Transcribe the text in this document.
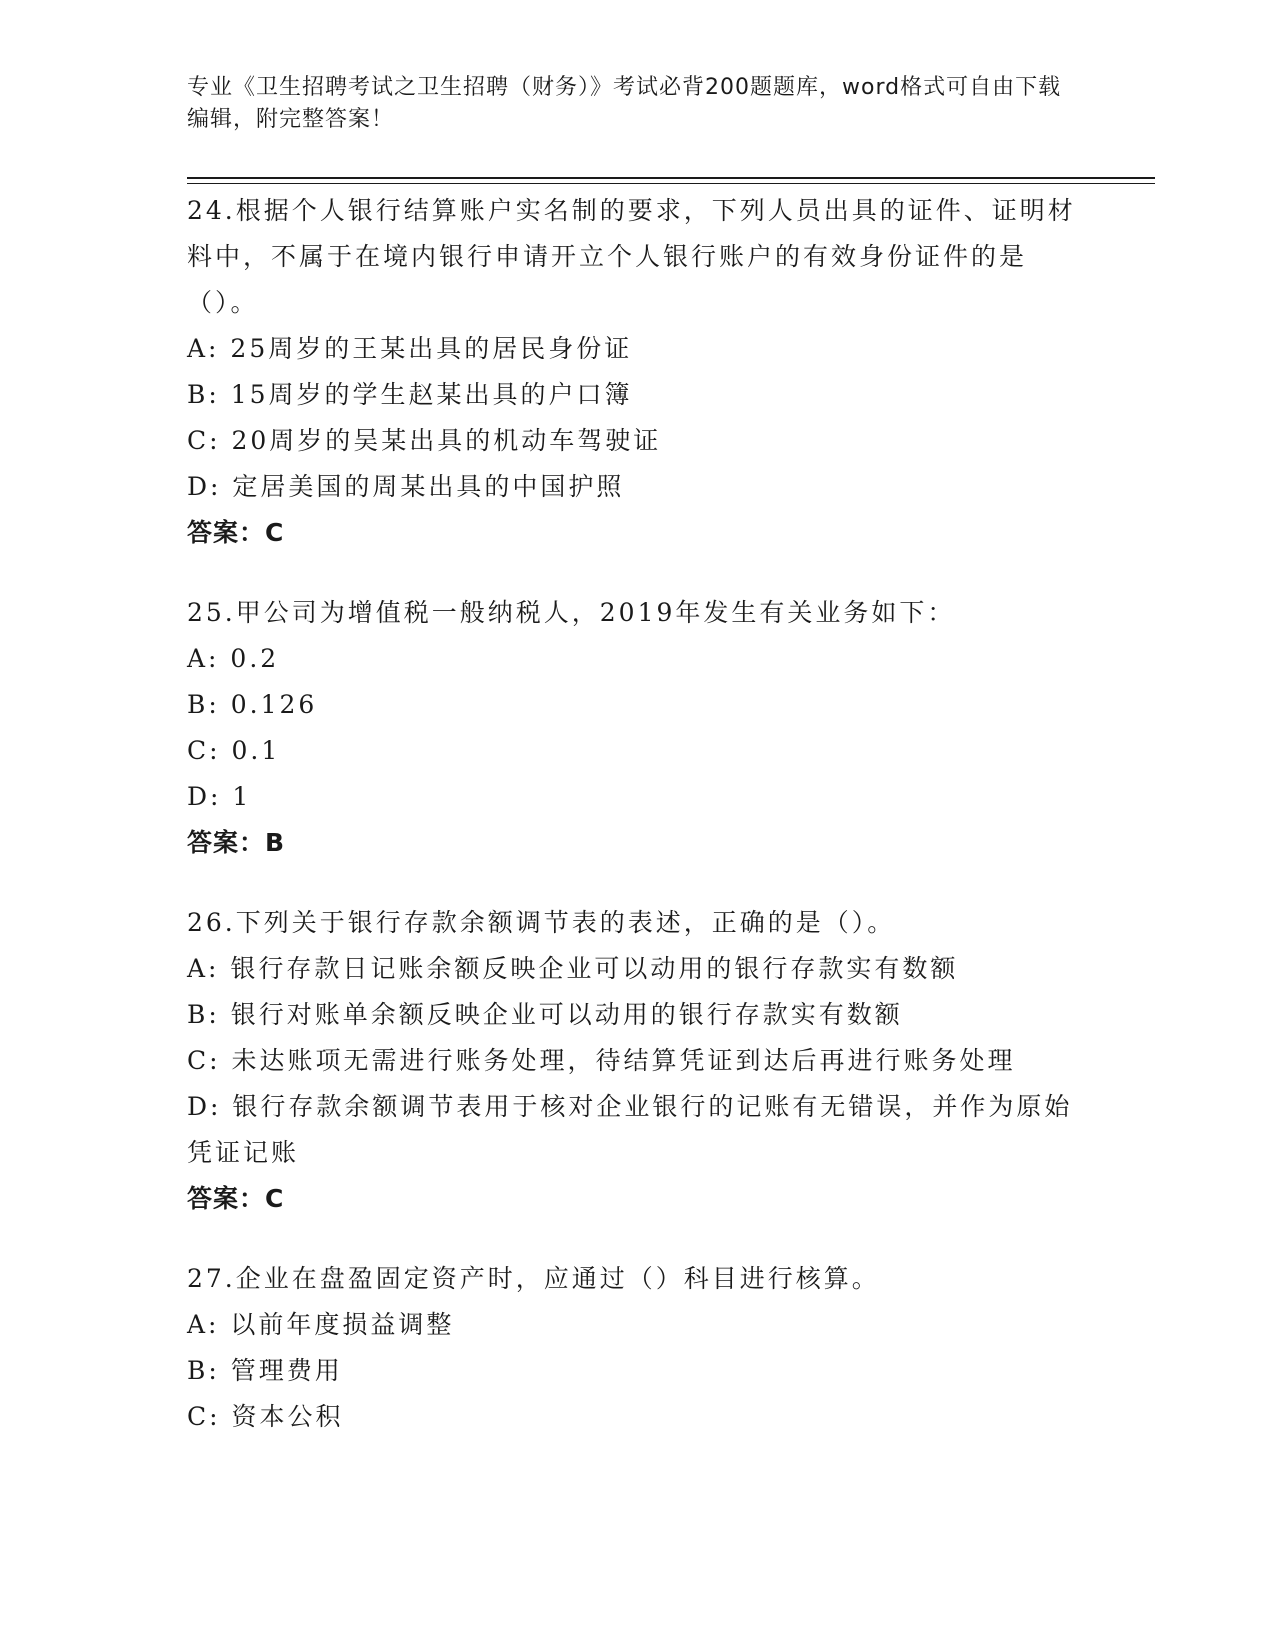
专业《卫生招聘考试之卫生招聘（财务）》考试必背200题题库，word格式可自由下载编辑，附完整答案！

24.根据个人银行结算账户实名制的要求，下列人员出具的证件、证明材料中，不属于在境内银行申请开立个人银行账户的有效身份证件的是（）。

A: 25周岁的王某出具的居民身份证

B: 15周岁的学生赵某出具的户口簿

C: 20周岁的吴某出具的机动车驾驶证

D: 定居美国的周某出具的中国护照

答案：C

25.甲公司为增值税一般纳税人，2019年发生有关业务如下：

A: 0.2

B: 0.126

C: 0.1

D: 1

答案：B

26.下列关于银行存款余额调节表的表述，正确的是（）。

A: 银行存款日记账余额反映企业可以动用的银行存款实有数额

B: 银行对账单余额反映企业可以动用的银行存款实有数额

C: 未达账项无需进行账务处理，待结算凭证到达后再进行账务处理

D: 银行存款余额调节表用于核对企业银行的记账有无错误，并作为原始凭证记账

答案：C

27.企业在盘盈固定资产时，应通过（）科目进行核算。

A: 以前年度损益调整

B: 管理费用

C: 资本公积
